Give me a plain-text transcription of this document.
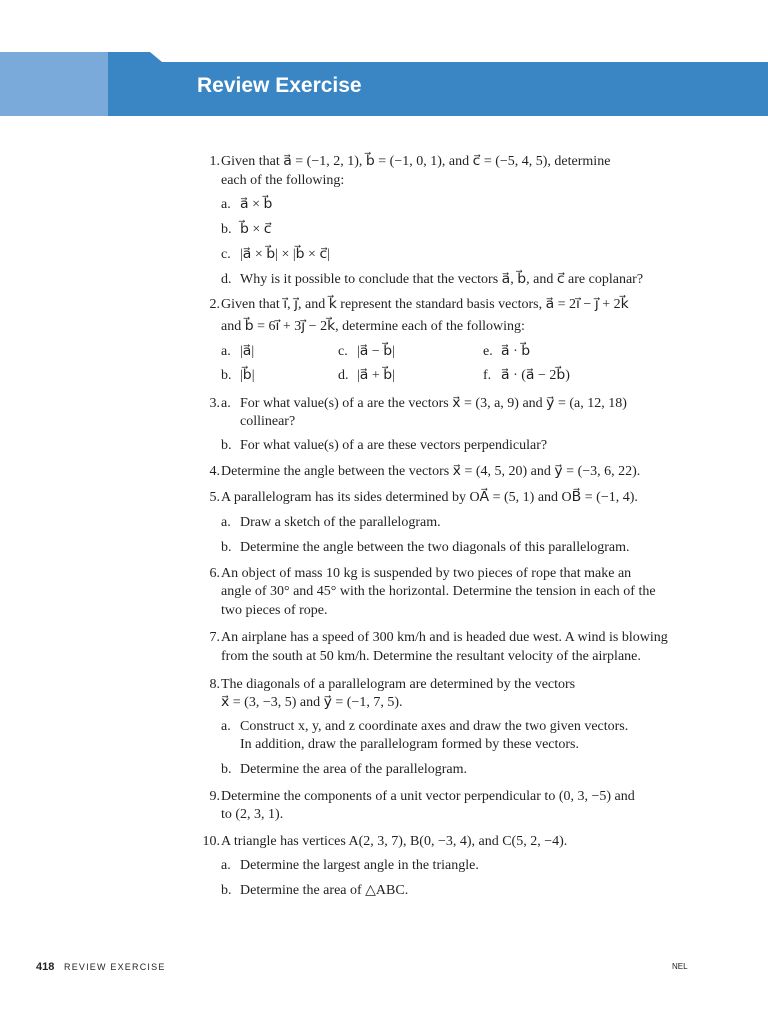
Review Exercise
1. Given that a⃗ = (−1, 2, 1), b⃗ = (−1, 0, 1), and c⃗ = (−5, 4, 5), determine
each of the following:
a. a⃗ × b⃗
b. b⃗ × c⃗
c. |a⃗ × b⃗| × |b⃗ × c⃗|
d. Why is it possible to conclude that the vectors a⃗, b⃗, and c⃗ are coplanar?
2. Given that i⃗, j⃗, and k⃗ represent the standard basis vectors, a⃗ = 2i⃗ − j⃗ + 2k⃗
and b⃗ = 6i⃗ + 3j⃗ − 2k⃗, determine each of the following:
a. |a⃗|	c. |a⃗ − b⃗|	e. a⃗ · b⃗
b. |b⃗|	d. |a⃗ + b⃗|	f. a⃗ · (a⃗ − 2b⃗)
3. a. For what value(s) of a are the vectors x⃗ = (3, a, 9) and y⃗ = (a, 12, 18)
collinear?
b. For what value(s) of a are these vectors perpendicular?
4. Determine the angle between the vectors x⃗ = (4, 5, 20) and y⃗ = (−3, 6, 22).
5. A parallelogram has its sides determined by OA⃗ = (5, 1) and OB⃗ = (−1, 4).
a. Draw a sketch of the parallelogram.
b. Determine the angle between the two diagonals of this parallelogram.
6. An object of mass 10 kg is suspended by two pieces of rope that make an
angle of 30° and 45° with the horizontal. Determine the tension in each of the
two pieces of rope.
7. An airplane has a speed of 300 km/h and is headed due west. A wind is blowing
from the south at 50 km/h. Determine the resultant velocity of the airplane.
8. The diagonals of a parallelogram are determined by the vectors
x⃗ = (3, −3, 5) and y⃗ = (−1, 7, 5).
a. Construct x, y, and z coordinate axes and draw the two given vectors.
In addition, draw the parallelogram formed by these vectors.
b. Determine the area of the parallelogram.
9. Determine the components of a unit vector perpendicular to (0, 3, −5) and
to (2, 3, 1).
10. A triangle has vertices A(2, 3, 7), B(0, −3, 4), and C(5, 2, −4).
a. Determine the largest angle in the triangle.
b. Determine the area of △ABC.
418 REVIEW EXERCISE	NEL
